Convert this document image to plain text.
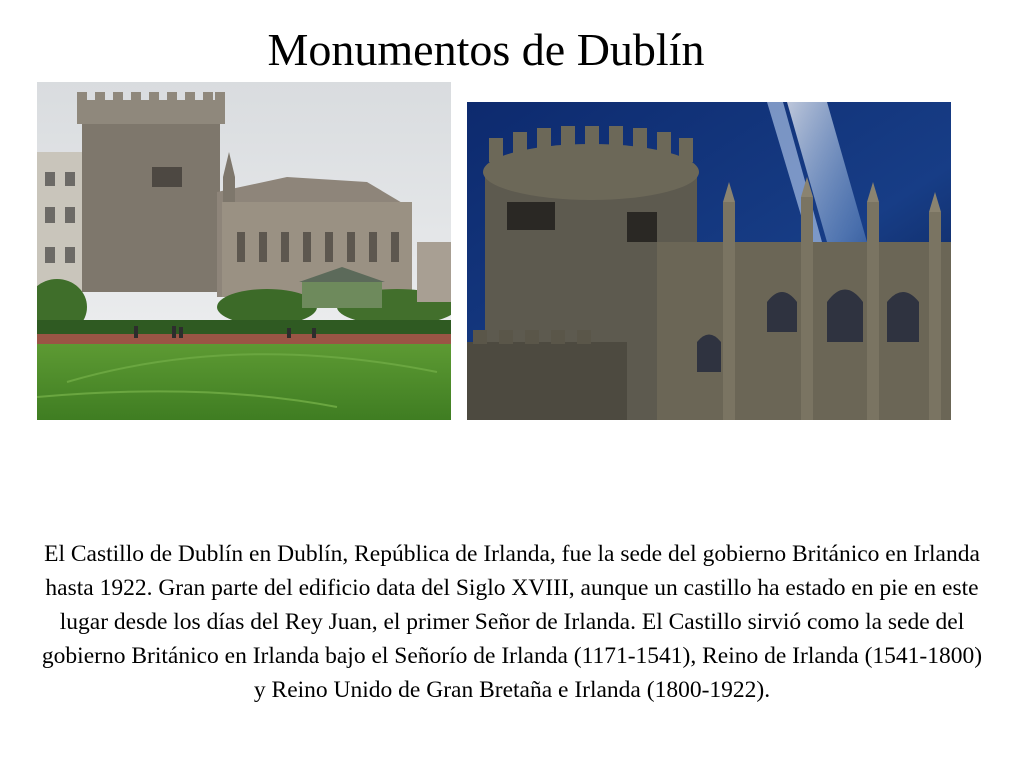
Monumentos de Dublín

El Castillo de Dublín en Dublín, República de Irlanda, fue la sede del gobierno Británico en Irlanda hasta 1922. Gran parte del edificio data del Siglo XVIII, aunque un castillo ha estado en pie en este lugar desde los días del Rey Juan, el primer Señor de Irlanda. El Castillo sirvió como la sede del gobierno Británico en Irlanda bajo el Señorío de Irlanda (1171-1541), Reino de Irlanda (1541-1800) y Reino Unido de Gran Bretaña e Irlanda (1800-1922).
